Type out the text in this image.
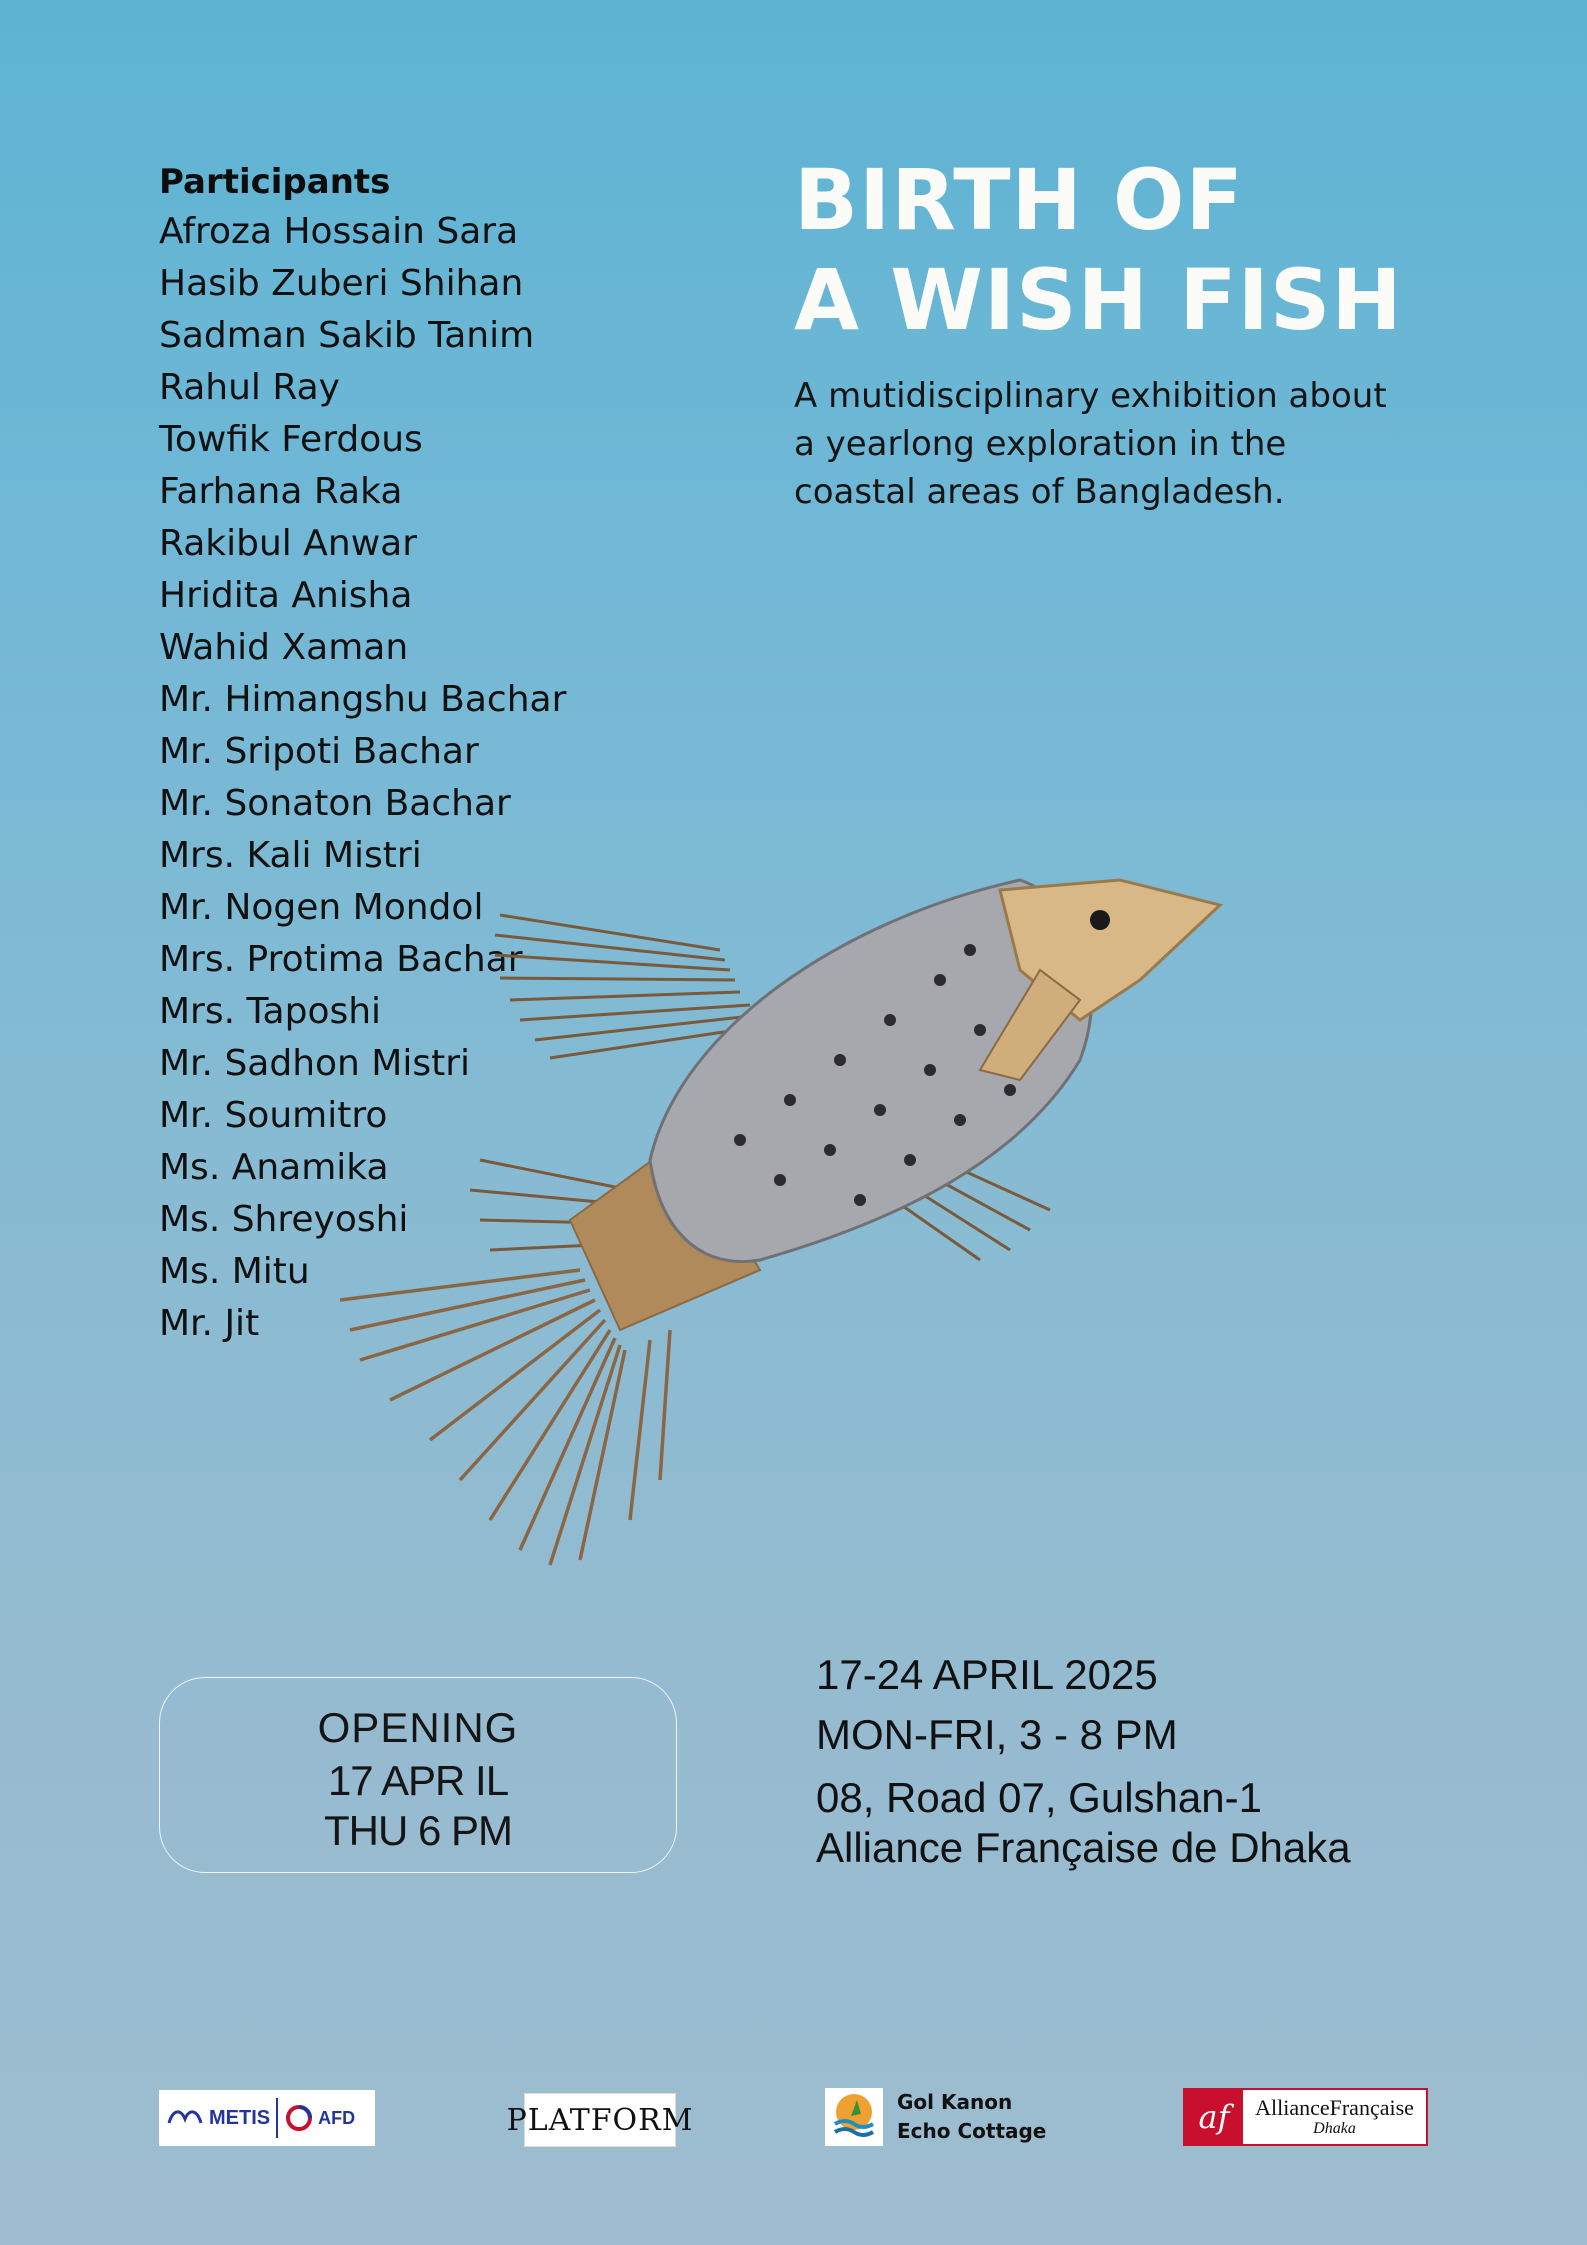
Participants
Afroza Hossain Sara
Hasib Zuberi Shihan
Sadman Sakib Tanim
Rahul Ray
Towfik Ferdous
Farhana Raka
Rakibul Anwar
Hridita Anisha
Wahid Xaman
Mr. Himangshu Bachar
Mr. Sripoti Bachar
Mr. Sonaton Bachar
Mrs. Kali Mistri
Mr. Nogen Mondol
Mrs. Protima Bachar
Mrs. Taposhi
Mr. Sadhon Mistri
Mr. Soumitro
Ms. Anamika
Ms. Shreyoshi
Ms. Mitu
Mr. Jit
BIRTH OF
A WISH FISH

A mutidisciplinary exhibition about a yearlong exploration in the coastal areas of Bangladesh.

OPENING
17 APR IL
THU 6 PM
17-24 APRIL 2025
MON-FRI, 3 - 8 PM
08, Road 07, Gulshan-1
Alliance Française de Dhaka
METIS	AFD	PLATFORM
Gol Kanon
Echo Cottage	af	AllianceFrançaise
Dhaka
